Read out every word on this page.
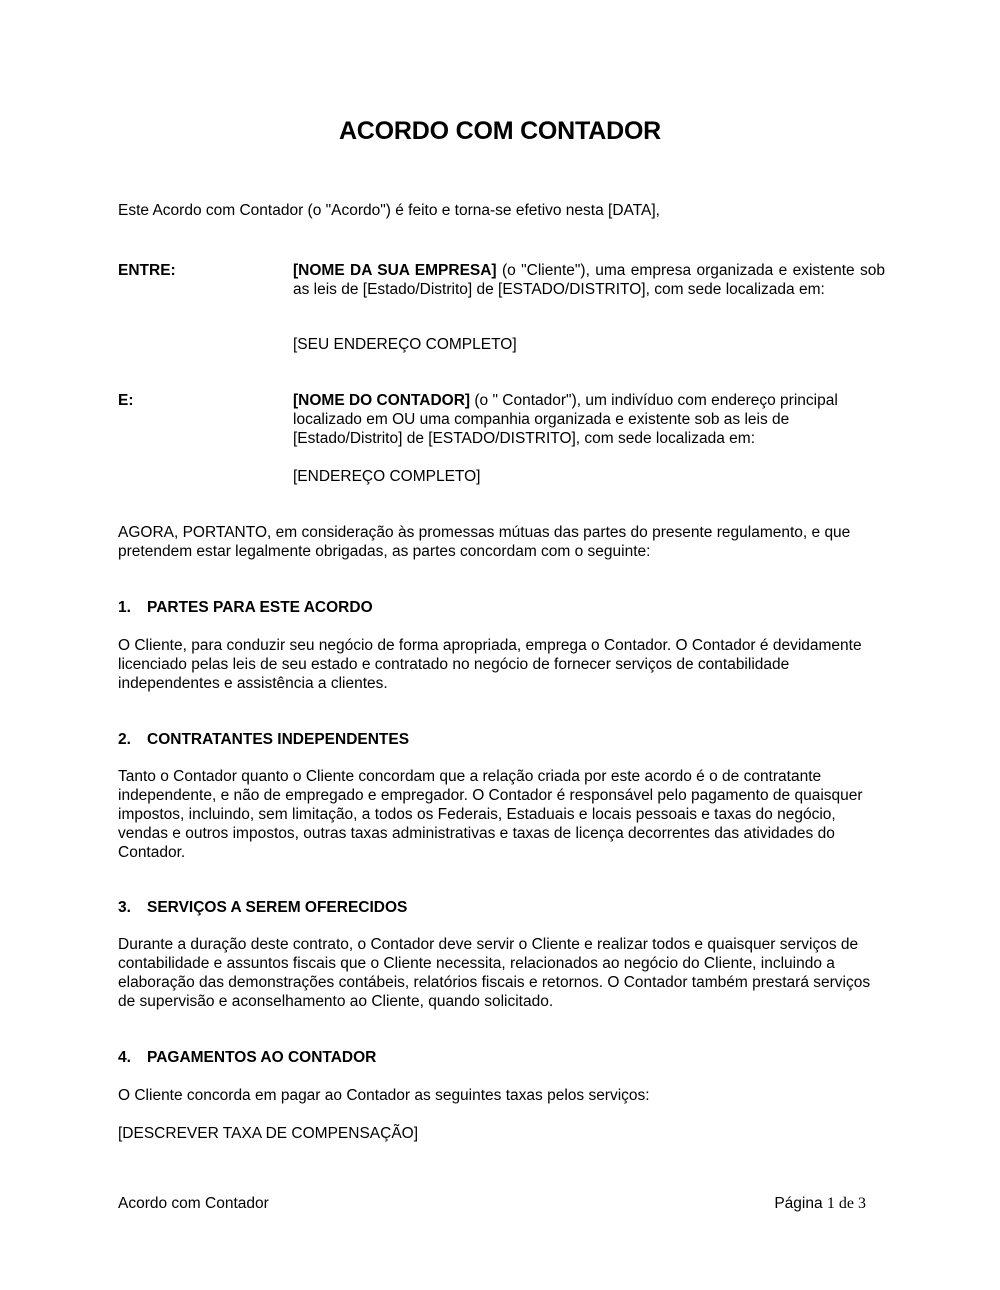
ACORDO COM CONTADOR
Este Acordo com Contador (o "Acordo") é feito e torna-se efetivo nesta [DATA],
ENTRE:	[NOME DA SUA EMPRESA] (o "Cliente"), uma empresa organizada e existente sob as leis de [Estado/Distrito] de [ESTADO/DISTRITO], com sede localizada em:
[SEU ENDEREÇO COMPLETO]
E:	[NOME DO CONTADOR] (o " Contador"), um indivíduo com endereço principal localizado em OU uma companhia organizada e existente sob as leis de [Estado/Distrito] de [ESTADO/DISTRITO], com sede localizada em:
[ENDEREÇO COMPLETO]
AGORA, PORTANTO, em consideração às promessas mútuas das partes do presente regulamento, e que pretendem estar legalmente obrigadas, as partes concordam com o seguinte:
1. PARTES PARA ESTE ACORDO
O Cliente, para conduzir seu negócio de forma apropriada, emprega o Contador. O Contador é devidamente licenciado pelas leis de seu estado e contratado no negócio de fornecer serviços de contabilidade independentes e assistência a clientes.
2. CONTRATANTES INDEPENDENTES
Tanto o Contador quanto o Cliente concordam que a relação criada por este acordo é o de contratante independente, e não de empregado e empregador. O Contador é responsável pelo pagamento de quaisquer impostos, incluindo, sem limitação, a todos os Federais, Estaduais e locais pessoais e taxas do negócio, vendas e outros impostos, outras taxas administrativas e taxas de licença decorrentes das atividades do Contador.
3. SERVIÇOS A SEREM OFERECIDOS
Durante a duração deste contrato, o Contador deve servir o Cliente e realizar todos e quaisquer serviços de contabilidade e assuntos fiscais que o Cliente necessita, relacionados ao negócio do Cliente, incluindo a elaboração das demonstrações contábeis, relatórios fiscais e retornos. O Contador também prestará serviços de supervisão e aconselhamento ao Cliente, quando solicitado.
4. PAGAMENTOS AO CONTADOR
O Cliente concorda em pagar ao Contador as seguintes taxas pelos serviços:
[DESCREVER TAXA DE COMPENSAÇÃO]
Acordo com Contador	Página 1 de 3
